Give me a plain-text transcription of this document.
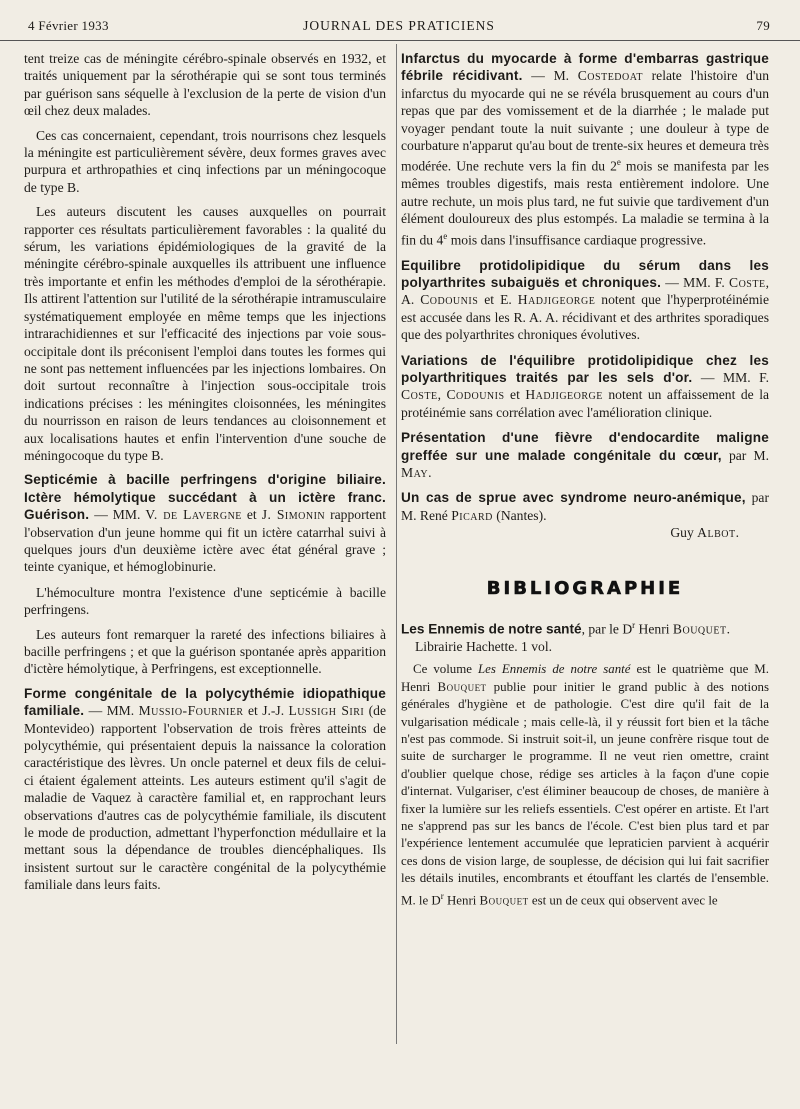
4 Février 1933	JOURNAL DES PRATICIENS	79

tent treize cas de méningite cérébro-spinale observés en 1932, et traités uniquement par la sérothérapie qui se sont tous terminés par guérison sans séquelle à l'exclusion de la perte de vision d'un œil chez deux malades.

Ces cas concernaient, cependant, trois nourrisons chez lesquels la méningite est particulièrement sévère, deux formes graves avec purpura et arthropathies et cinq infections par un méningocoque de type B.

Les auteurs discutent les causes auxquelles on pourrait rapporter ces résultats particulièrement favorables : la qualité du sérum, les variations épidémiologiques de la gravité de la méningite cérébro-spinale auxquelles ils attribuent une influence très importante et enfin les méthodes d'emploi de la sérothérapie. Ils attirent l'attention sur l'utilité de la sérothérapie intramusculaire systématiquement employée en même temps que les injections intrarachidiennes et sur l'efficacité des injections par voie sous-occipitale dont ils préconisent l'emploi dans toutes les formes qui ne sont pas nettement influencées par les injections lombaires. On doit surtout reconnaître à l'injection sous-occipitale trois indications précises : les méningites cloisonnées, les méningites du nourrisson en raison de leurs tendances au cloisonnement et aux localisations hautes et enfin l'intervention d'une souche de méningocoque du type B.

Septicémie à bacille perfringens d'origine biliaire. Ictère hémolytique succédant à un ictère franc. Guérison. — MM. V. de Lavergne et J. Simonin rapportent l'observation d'un jeune homme qui fit un ictère catarrhal suivi à quelques jours d'un deuxième ictère avec état général grave ; teinte cyanique, et hémoglobinurie.

L'hémoculture montra l'existence d'une septicémie à bacille perfringens.

Les auteurs font remarquer la rareté des infections biliaires à bacille perfringens ; et que la guérison spontanée après apparition d'ictère hémolytique, à Perfringens, est exceptionnelle.

Forme congénitale de la polycythémie idiopathique familiale. — MM. Mussio-Fournier et J.-J. Lussigh Siri (de Montevideo) rapportent l'observation de trois frères atteints de polycythémie, qui présentaient depuis la naissance la coloration caractéristique des lèvres. Un oncle paternel et deux fils de celui-ci étaient également atteints. Les auteurs estiment qu'il s'agit de maladie de Vaquez à caractère familial et, en rapprochant leurs observations d'autres cas de polycythémie familiale, ils discutent le mode de production, admettant l'hyperfonction médullaire et la mettant sous la dépendance de troubles diencéphaliques. Ils insistent surtout sur le caractère congénital de la polycythémie familiale dans leurs faits.

Infarctus du myocarde à forme d'embarras gastrique fébrile récidivant. — M. Costedoat relate l'histoire d'un infarctus du myocarde qui ne se révéla brusquement au cours d'un repas que par des vomissement et de la diarrhée ; le malade put voyager pendant toute la nuit suivante ; une douleur à type de courbature n'apparut qu'au bout de trente-six heures et demeura très modérée. Une rechute vers la fin du 2e mois se manifesta par les mêmes troubles digestifs, mais resta entièrement indolore. Une autre rechute, un mois plus tard, ne fut suivie que tardivement d'un élément douloureux des plus estompés. La maladie se termina à la fin du 4e mois dans l'insuffisance cardiaque progressive.

Equilibre protidolipidique du sérum dans les polyarthrites subaiguës et chroniques. — MM. F. Coste, A. Codounis et E. Hadjigeorge notent que l'hyperprotéinémie est accusée dans les R. A. A. récidivant et des arthrites sporadiques que des polyarthrites chroniques évolutives.

Variations de l'équilibre protidolipidique chez les polyarthritiques traités par les sels d'or. — MM. F. Coste, Codounis et Hadjigeorge notent un affaissement de la protéinémie sans corrélation avec l'amélioration clinique.

Présentation d'une fièvre d'endocardite maligne greffée sur une malade congénitale du cœur, par M. May.

Un cas de sprue avec syndrome neuro-anémique, par M. René Picard (Nantes).

Guy Albot.

BIBLIOGRAPHIE

Les Ennemis de notre santé, par le $D^r$ Henri Bouquet.
Librairie Hachette. 1 vol.

Ce volume Les Ennemis de notre santé est le quatrième que M. Henri Bouquet publie pour initier le grand public à des notions générales d'hygiène et de pathologie. C'est dire qu'il fait de la vulgarisation médicale ; mais celle-là, il y réussit fort bien et la tâche n'est pas commode. Si instruit soit-il, un jeune confrère risque tout de suite de surcharger le programme. Il ne veut rien omettre, craint d'oublier quelque chose, rédige ses articles à la façon d'une copie d'internat. Vulgariser, c'est éliminer beaucoup de choses, de manière à fixer la lumière sur les reliefs essentiels. C'est opérer en artiste. Et l'art ne s'apprend pas sur les bancs de l'école. C'est bien plus tard et par l'expérience lentement accumulée que lepraticien parvient à acquérir ces dons de vision large, de souplesse, de décision qui lui fait sacrifier les détails inutiles, encombrants et étouffant les clartés de l'ensemble. M. le $D^r$ Henri Bouquet est un de ceux qui observent avec le
